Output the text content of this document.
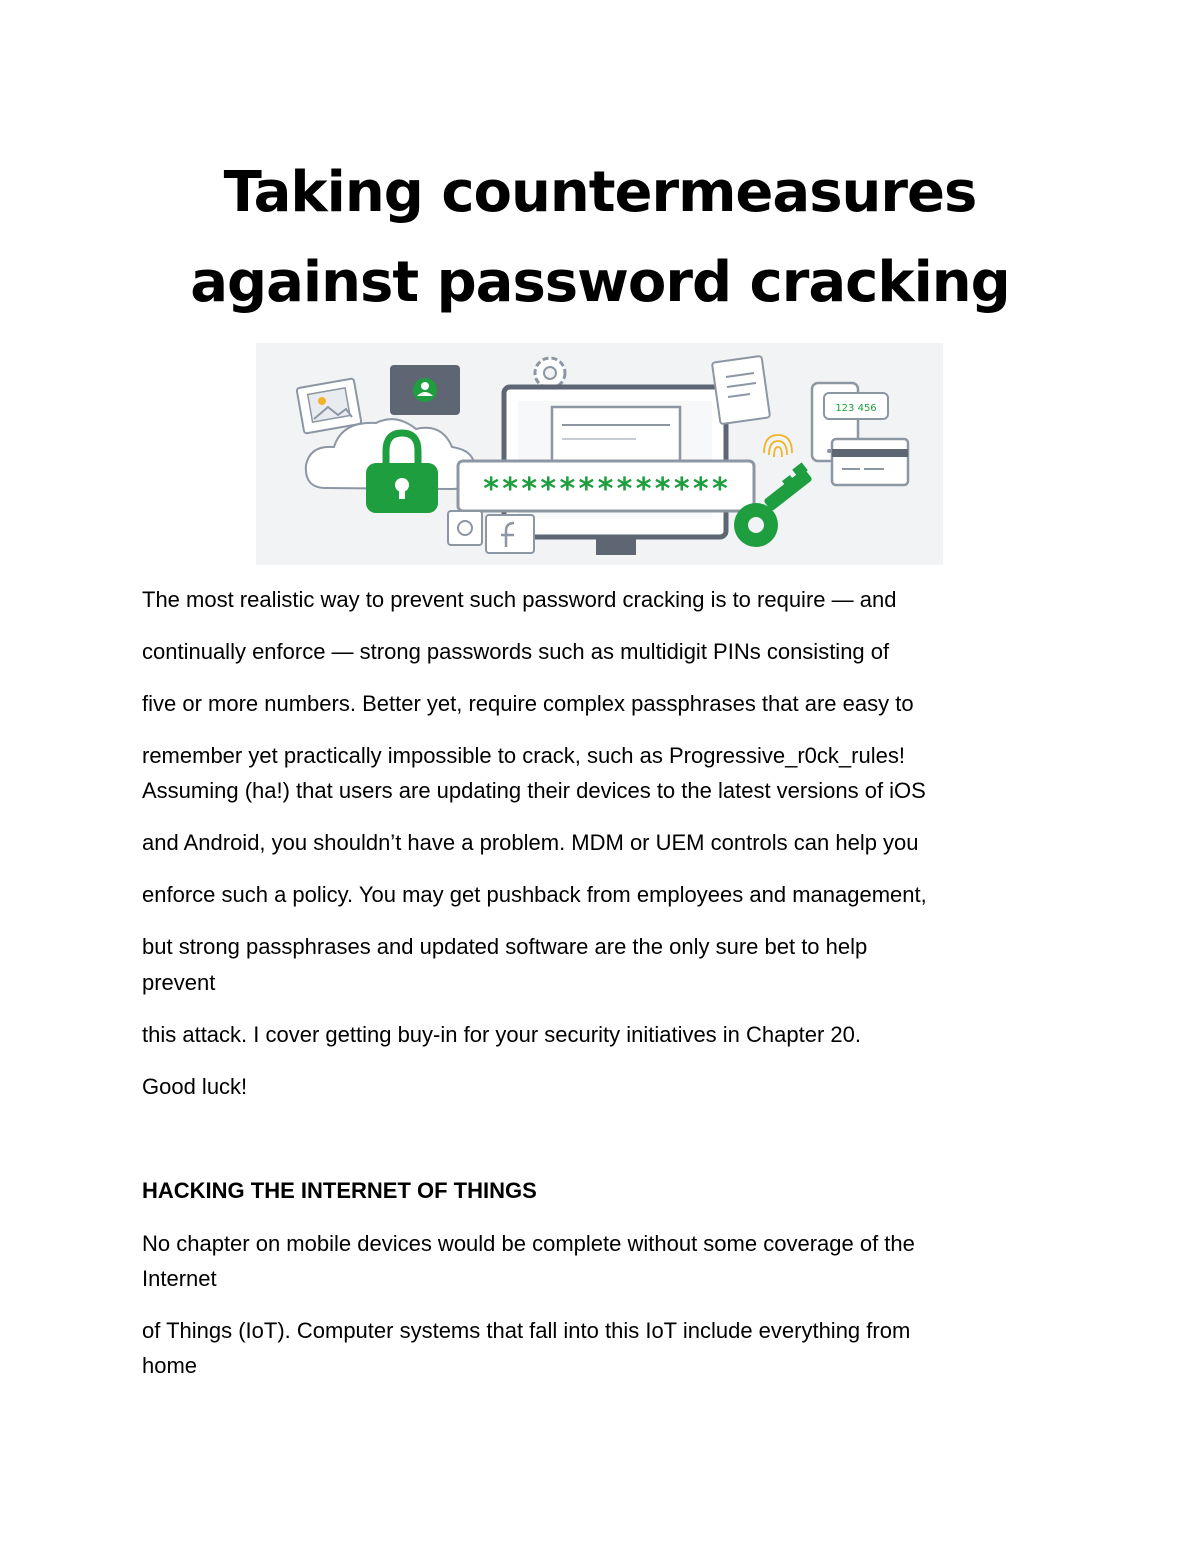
Taking countermeasures
against password cracking
*************
123 456

The most realistic way to prevent such password cracking is to require — and

continually enforce — strong passwords such as multidigit PINs consisting of

five or more numbers. Better yet, require complex passphrases that are easy to

remember yet practically impossible to crack, such as Progressive_r0ck_rules!

Assuming (ha!) that users are updating their devices to the latest versions of iOS

and Android, you shouldn’t have a problem. MDM or UEM controls can help you

enforce such a policy. You may get pushback from employees and management,

but strong passphrases and updated software are the only sure bet to help

prevent

this attack. I cover getting buy-in for your security initiatives in Chapter 20.

Good luck!

HACKING THE INTERNET OF THINGS

No chapter on mobile devices would be complete without some coverage of the

Internet

of Things (IoT). Computer systems that fall into this IoT include everything from

home
